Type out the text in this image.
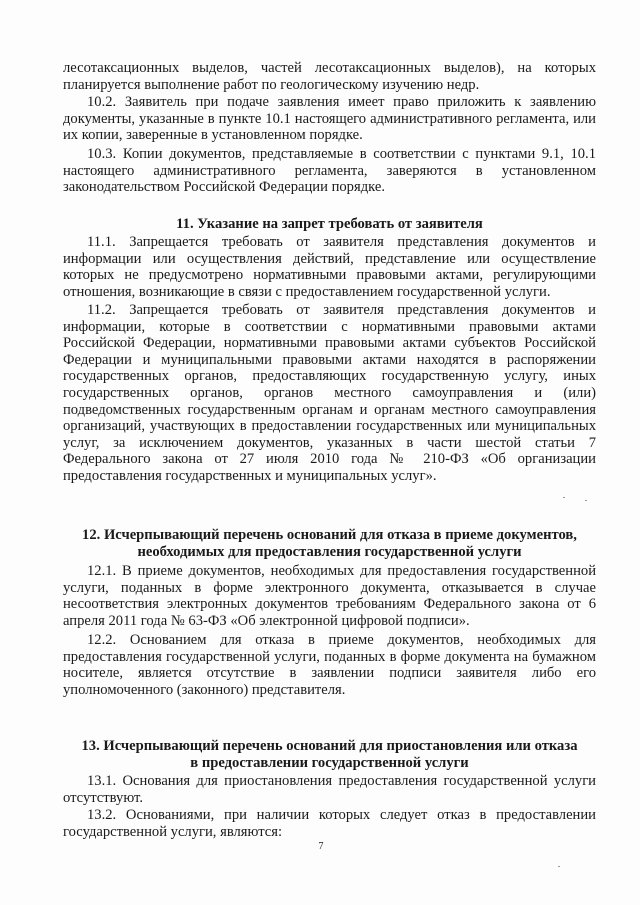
лесотаксационных выделов, частей лесотаксационных выделов), на которых планируется выполнение работ по геологическому изучению недр.

10.2. Заявитель при подаче заявления имеет право приложить к заявлению документы, указанные в пункте 10.1 настоящего административного регламента, или их копии, заверенные в установленном порядке.

10.3. Копии документов, представляемые в соответствии с пунктами 9.1, 10.1 настоящего административного регламента, заверяются в установленном законодательством Российской Федерации порядке.

11. Указание на запрет требовать от заявителя

11.1. Запрещается требовать от заявителя представления документов и информации или осуществления действий, представление или осуществление которых не предусмотрено нормативными правовыми актами, регулирующими отношения, возникающие в связи с предоставлением государственной услуги.

11.2. Запрещается требовать от заявителя представления документов и информации, которые в соответствии с нормативными правовыми актами Российской Федерации, нормативными правовыми актами субъектов Российской Федерации и муниципальными правовыми актами находятся в распоряжении государственных органов, предоставляющих государственную услугу, иных государственных органов, органов местного самоуправления и (или) подведомственных государственным органам и органам местного самоуправления организаций, участвующих в предоставлении государственных или муниципальных услуг, за исключением документов, указанных в части шестой статьи 7 Федерального закона от 27 июля 2010 года № 210-ФЗ «Об организации предоставления государственных и муниципальных услуг».

12. Исчерпывающий перечень оснований для отказа в приеме документов,
необходимых для предоставления государственной услуги

12.1. В приеме документов, необходимых для предоставления государственной услуги, поданных в форме электронного документа, отказывается в случае несоответствия электронных документов требованиям Федерального закона от 6 апреля 2011 года № 63-ФЗ «Об электронной цифровой подписи».

12.2. Основанием для отказа в приеме документов, необходимых для предоставления государственной услуги, поданных в форме документа на бумажном носителе, является отсутствие в заявлении подписи заявителя либо его уполномоченного (законного) представителя.

13. Исчерпывающий перечень оснований для приостановления или отказа
в предоставлении государственной услуги

13.1. Основания для приостановления предоставления государственной услуги отсутствуют.

13.2. Основаниями, при наличии которых следует отказ в предоставлении государственной услуги, являются:

7
